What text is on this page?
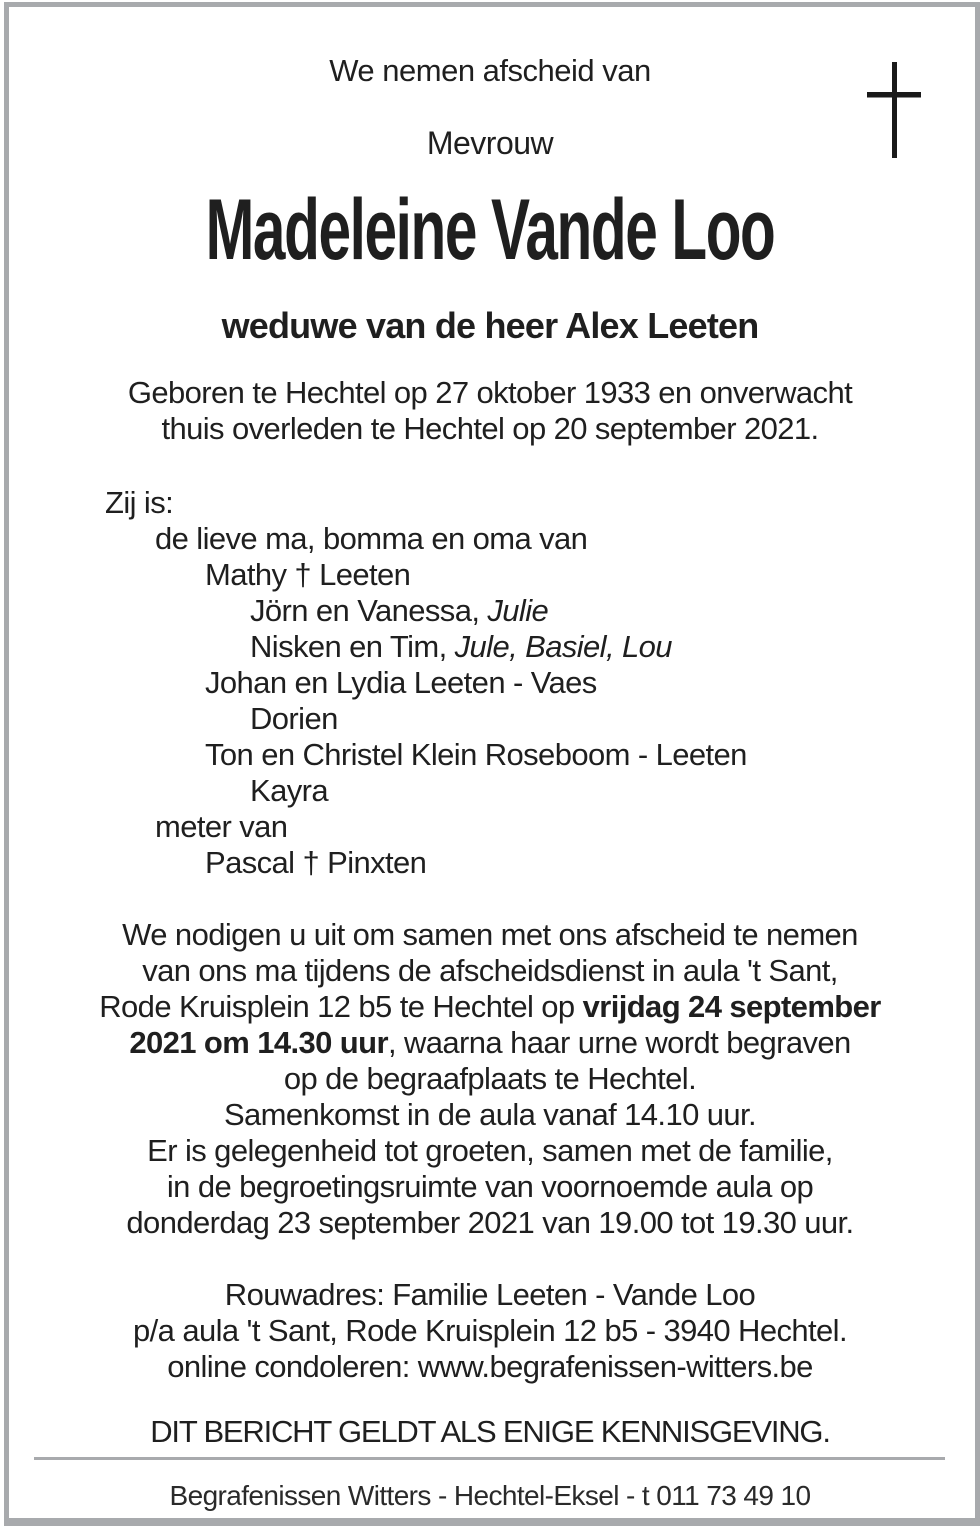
We nemen afscheid van
Mevrouw
Madeleine Vande Loo
weduwe van de heer Alex Leeten
Geboren te Hechtel op 27 oktober 1933 en onverwacht
thuis overleden te Hechtel op 20 september 2021.
Zij is:
de lieve ma, bomma en oma van
Mathy † Leeten
Jörn en Vanessa, Julie
Nisken en Tim, Jule, Basiel, Lou
Johan en Lydia Leeten - Vaes
Dorien
Ton en Christel Klein Roseboom - Leeten
Kayra
meter van
Pascal † Pinxten
We nodigen u uit om samen met ons afscheid te nemen
van ons ma tijdens de afscheidsdienst in aula 't Sant,
Rode Kruisplein 12 b5 te Hechtel op vrijdag 24 september
2021 om 14.30 uur, waarna haar urne wordt begraven
op de begraafplaats te Hechtel.
Samenkomst in de aula vanaf 14.10 uur.
Er is gelegenheid tot groeten, samen met de familie,
in de begroetingsruimte van voornoemde aula op
donderdag 23 september 2021 van 19.00 tot 19.30 uur.
Rouwadres: Familie Leeten - Vande Loo
p/a aula 't Sant, Rode Kruisplein 12 b5 - 3940 Hechtel.
online condoleren: www.begrafenissen-witters.be
DIT BERICHT GELDT ALS ENIGE KENNISGEVING.
Begrafenissen Witters - Hechtel-Eksel - t 011 73 49 10
